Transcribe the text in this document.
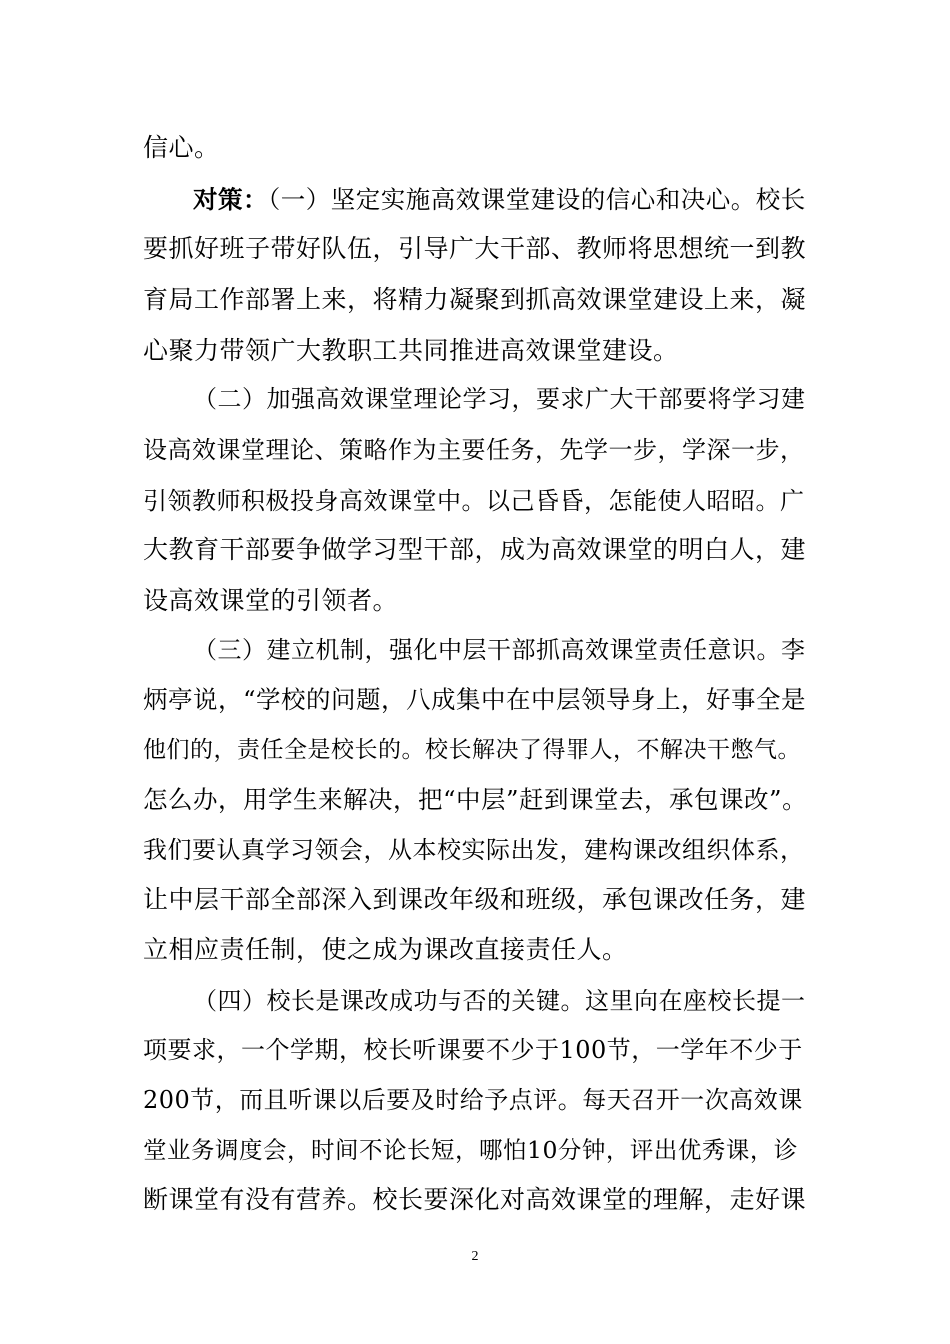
信心。
对策：（一）坚定实施高效课堂建设的信心和决心。校长
要抓好班子带好队伍，引导广大干部、教师将思想统一到教
育局工作部署上来，将精力凝聚到抓高效课堂建设上来，凝
心聚力带领广大教职工共同推进高效课堂建设。
（二）加强高效课堂理论学习，要求广大干部要将学习建
设高效课堂理论、策略作为主要任务，先学一步，学深一步，
引领教师积极投身高效课堂中。以己昏昏，怎能使人昭昭。广
大教育干部要争做学习型干部，成为高效课堂的明白人，建
设高效课堂的引领者。
（三）建立机制，强化中层干部抓高效课堂责任意识。李
炳亭说，“学校的问题，八成集中在中层领导身上，好事全是
他们的，责任全是校长的。校长解决了得罪人，不解决干憋气。
怎么办，用学生来解决，把“中层”赶到课堂去，承包课改”。
我们要认真学习领会，从本校实际出发，建构课改组织体系，
让中层干部全部深入到课改年级和班级，承包课改任务，建
立相应责任制，使之成为课改直接责任人。
（四）校长是课改成功与否的关键。这里向在座校长提一
项要求，一个学期，校长听课要不少于100节，一学年不少于
200节，而且听课以后要及时给予点评。每天召开一次高效课
堂业务调度会，时间不论长短，哪怕10分钟，评出优秀课，诊
断课堂有没有营养。校长要深化对高效课堂的理解，走好课
2
